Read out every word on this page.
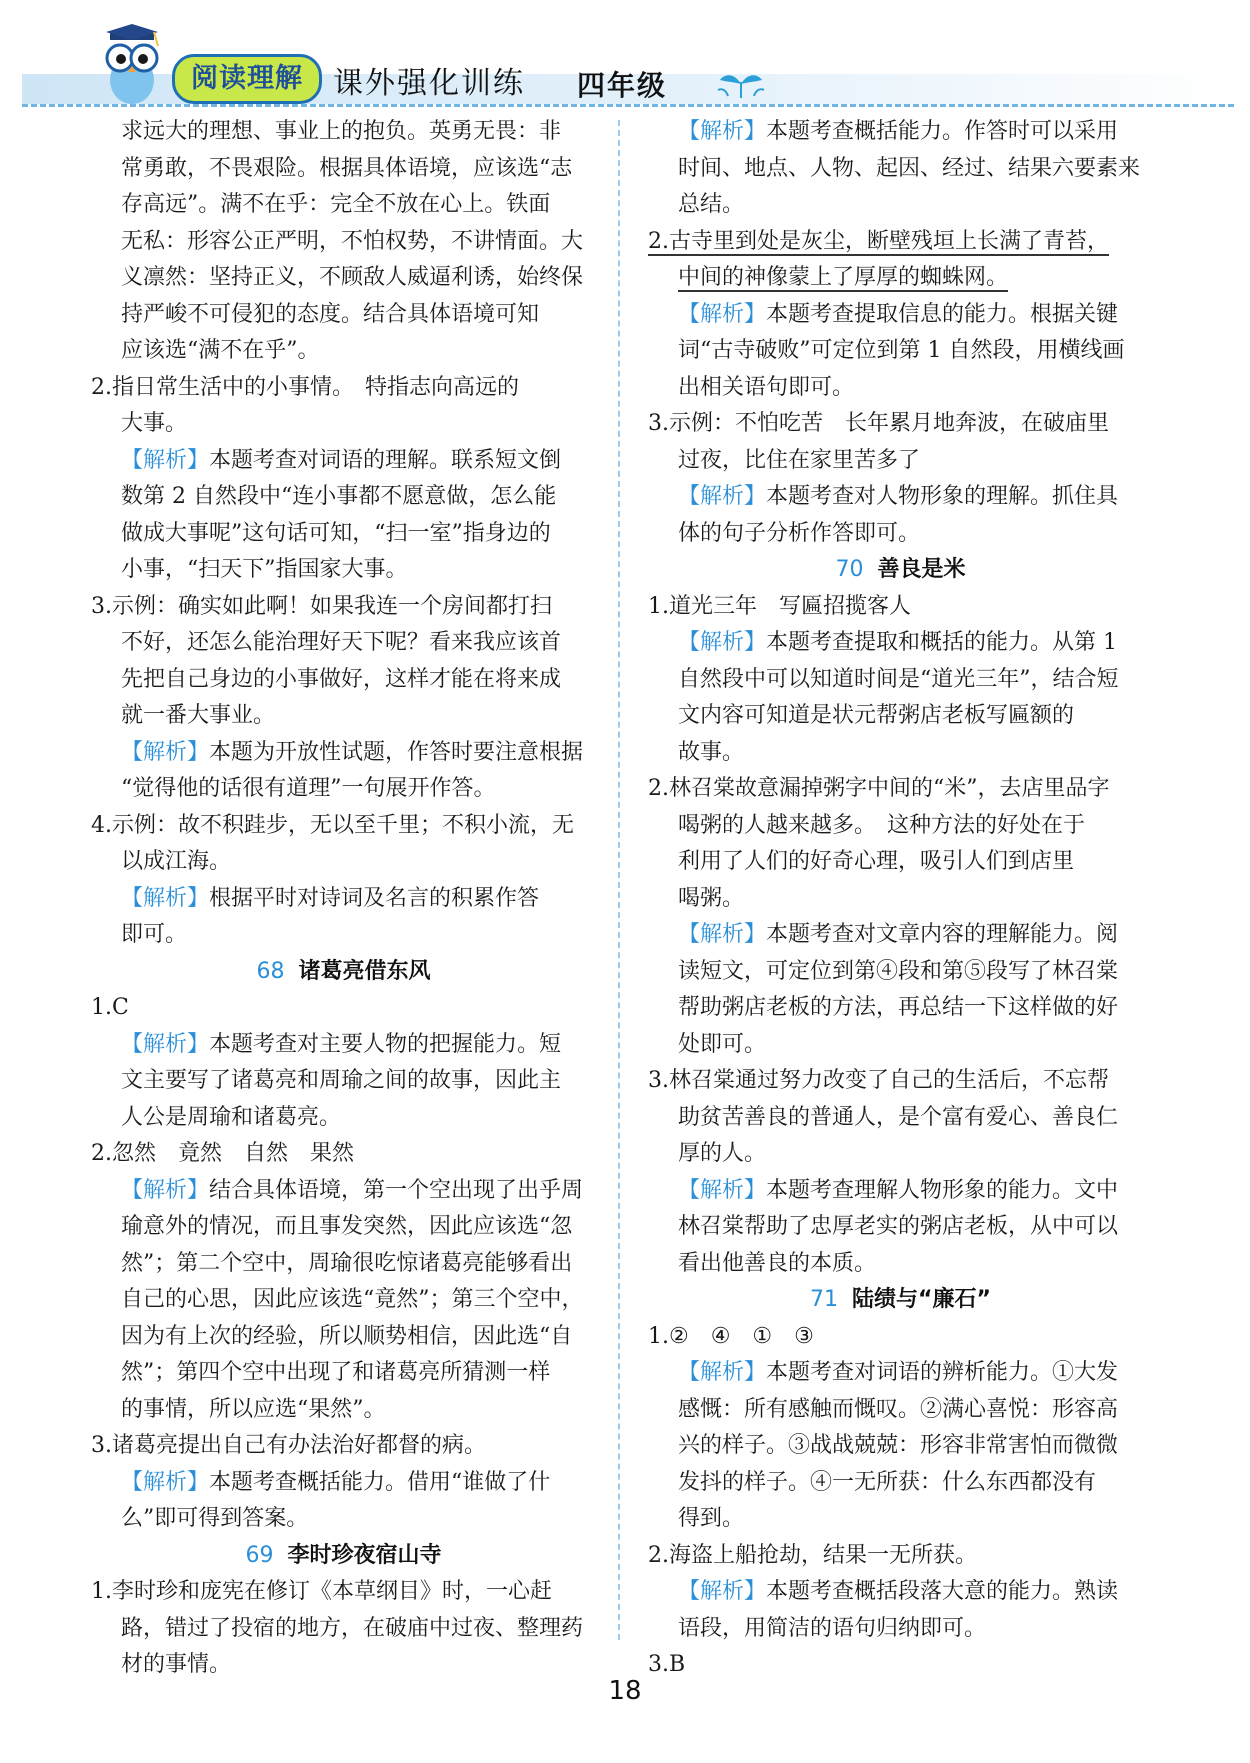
阅读理解	课外强化训练 四年级
求远大的理想、事业上的抱负。英勇无畏：非
常勇敢，不畏艰险。根据具体语境，应该选“志
存高远”。满不在乎：完全不放在心上。铁面
无私：形容公正严明，不怕权势，不讲情面。大
义凛然：坚持正义，不顾敌人威逼利诱，始终保
持严峻不可侵犯的态度。结合具体语境可知
应该选“满不在乎”。
2.指日常生活中的小事情。　特指志向高远的
大事。
【解析】本题考查对词语的理解。联系短文倒
数第 2 自然段中“连小事都不愿意做，怎么能
做成大事呢”这句话可知，“扫一室”指身边的
小事，“扫天下”指国家大事。
3.示例：确实如此啊！如果我连一个房间都打扫
不好，还怎么能治理好天下呢？看来我应该首
先把自己身边的小事做好，这样才能在将来成
就一番大事业。
【解析】本题为开放性试题，作答时要注意根据
“觉得他的话很有道理”一句展开作答。
4.示例：故不积跬步，无以至千里；不积小流，无
以成江海。
【解析】根据平时对诗词及名言的积累作答
即可。
68 诸葛亮借东风
1.C
【解析】本题考查对主要人物的把握能力。短
文主要写了诸葛亮和周瑜之间的故事，因此主
人公是周瑜和诸葛亮。
2.忽然　竟然　自然　果然
【解析】结合具体语境，第一个空出现了出乎周
瑜意外的情况，而且事发突然，因此应该选“忽
然”；第二个空中，周瑜很吃惊诸葛亮能够看出
自己的心思，因此应该选“竟然”；第三个空中，
因为有上次的经验，所以顺势相信，因此选“自
然”；第四个空中出现了和诸葛亮所猜测一样
的事情，所以应选“果然”。
3.诸葛亮提出自己有办法治好都督的病。
【解析】本题考查概括能力。借用“谁做了什
么”即可得到答案。
69 李时珍夜宿山寺
1.李时珍和庞宪在修订《本草纲目》时，一心赶
路，错过了投宿的地方，在破庙中过夜、整理药
材的事情。
【解析】本题考查概括能力。作答时可以采用
时间、地点、人物、起因、经过、结果六要素来
总结。
2.古寺里到处是灰尘，断壁残垣上长满了青苔，
中间的神像蒙上了厚厚的蜘蛛网。
【解析】本题考查提取信息的能力。根据关键
词“古寺破败”可定位到第 1 自然段，用横线画
出相关语句即可。
3.示例：不怕吃苦　长年累月地奔波，在破庙里
过夜，比住在家里苦多了
【解析】本题考查对人物形象的理解。抓住具
体的句子分析作答即可。
70 善良是米
1.道光三年　写匾招揽客人
【解析】本题考查提取和概括的能力。从第 1
自然段中可以知道时间是“道光三年”，结合短
文内容可知道是状元帮粥店老板写匾额的
故事。
2.林召棠故意漏掉粥字中间的“米”，去店里品字
喝粥的人越来越多。　这种方法的好处在于
利用了人们的好奇心理，吸引人们到店里
喝粥。
【解析】本题考查对文章内容的理解能力。阅
读短文，可定位到第④段和第⑤段写了林召棠
帮助粥店老板的方法，再总结一下这样做的好
处即可。
3.林召棠通过努力改变了自己的生活后，不忘帮
助贫苦善良的普通人，是个富有爱心、善良仁
厚的人。
【解析】本题考查理解人物形象的能力。文中
林召棠帮助了忠厚老实的粥店老板，从中可以
看出他善良的本质。
71 陆绩与“廉石”
1.②　④　①　③
【解析】本题考查对词语的辨析能力。①大发
感慨：所有感触而慨叹。②满心喜悦：形容高
兴的样子。③战战兢兢：形容非常害怕而微微
发抖的样子。④一无所获：什么东西都没有
得到。
2.海盗上船抢劫，结果一无所获。
【解析】本题考查概括段落大意的能力。熟读
语段，用简洁的语句归纳即可。
3.B
18
